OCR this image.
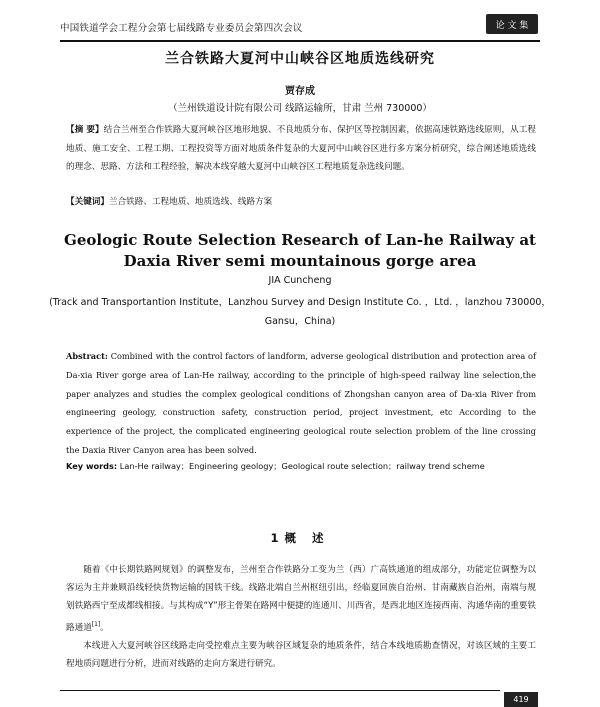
中国铁道学会工程分会第七届线路专业委员会第四次会议	论 文 集
兰合铁路大夏河中山峡谷区地质选线研究
贾存成
（兰州铁道设计院有限公司 线路运输所，甘肃 兰州 730000）
【摘 要】结合兰州至合作铁路大夏河峡谷区地形地貌、不良地质分布、保护区等控制因素，依据高速铁路选线原则，从工程地质、施工安全、工程工期、工程投资等方面对地质条件复杂的大夏河中山峡谷区进行多方案分析研究，综合阐述地质选线的理念、思路、方法和工程经验，解决本线穿越大夏河中山峡谷区工程地质复杂选线问题。
【关键词】兰合铁路、工程地质、地质选线、线路方案
Geologic Route Selection Research of Lan-he Railway at Daxia River semi mountainous gorge area
JIA Cuncheng
(Track and Transportantion Institute，Lanzhou Survey and Design Institute Co. ，Ltd. ，lanzhou 730000，Gansu，China)
Abstract: Combined with the control factors of landform, adverse geological distribution and protection area of Da-xia River gorge area of Lan-He railway, according to the principle of high-speed railway line selection,the paper analyzes and studies the complex geological conditions of Zhongshan canyon area of Da-xia River from engineering geology, construction safety, construction period, project investment, etc According to the experience of the project, the complicated engineering geological route selection problem of the line crossing the Daxia River Canyon area has been solved.
Key words: Lan-He railway；Engineering geology；Geological route selection；railway trend scheme
1概 述

随着《中长期铁路网规划》的调整发布，兰州至合作铁路分工变为兰（西）广高铁通道的组成部分，功能定位调整为以客运为主并兼顾沿线轻快货物运输的国铁干线。线路北端自兰州枢纽引出，经临夏回族自治州、甘南藏族自治州，南端与规划铁路西宁至成都线相接。与其构成“Y”形主骨架在路网中便捷的连通川、川西省，是西北地区连接西南、沟通华南的重要铁路通道[1]。

本线进入大夏河峡谷区线路走向受控难点主要为峡谷区域复杂的地质条件，结合本线地质勘查情况，对该区域的主要工程地质问题进行分析，进而对线路的走向方案进行研究。

419
